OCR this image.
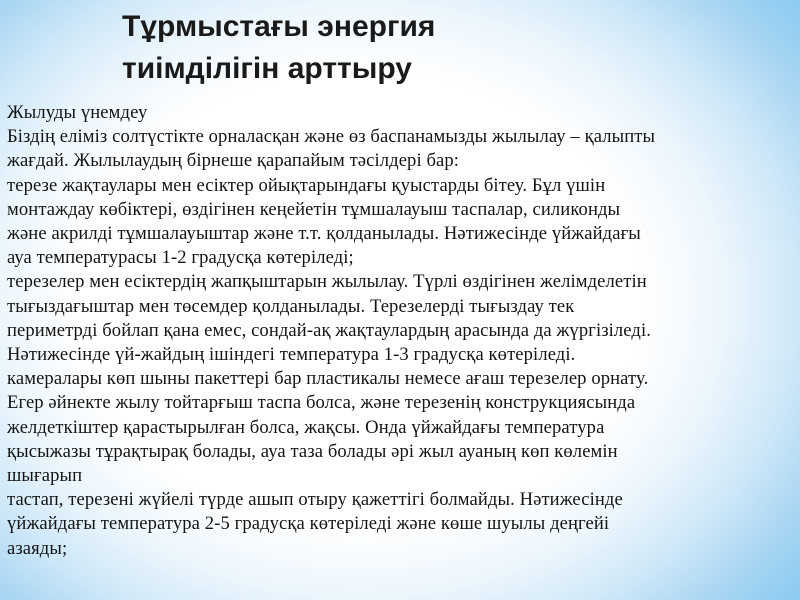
Тұрмыстағы энергия
тиімділігін арттыру
Жылуды үнемдеу
Біздің еліміз солтүстікте орналасқан және өз баспанамызды жылылау – қалыпты
жағдай. Жылылаудың бірнеше қарапайым тәсілдері бар:
терезе жақтаулары мен есіктер ойықтарындағы қуыстарды бітеу. Бұл үшін
монтаждау көбіктері, өздігінен кеңейетін тұмшалауыш таспалар, силиконды
және акрилді тұмшалауыштар және т.т. қолданылады. Нәтижесінде үйжайдағы
ауа температурасы 1-2 градусқа көтеріледі;
терезелер мен есіктердің жапқыштарын жылылау. Түрлі өздігінен желімделетін
тығыздағыштар мен төсемдер қолданылады. Терезелерді тығыздау тек
периметрді бойлап қана емес, сондай-ақ жақтаулардың арасында да жүргізіледі.
Нәтижесінде үй-жайдың ішіндегі температура 1-3 градусқа көтеріледі.
камералары көп шыны пакеттері бар пластикалы немесе ағаш терезелер орнату.
Егер әйнекте жылу тойтарғыш таспа болса, және терезенің конструкциясында
желдеткіштер қарастырылған болса, жақсы. Онда үйжайдағы температура
қысыжазы тұрақтырақ болады, ауа таза болады әрі жыл ауаның көп көлемін
шығарып
тастап, терезені жүйелі түрде ашып отыру қажеттігі болмайды. Нәтижесінде
үйжайдағы температура 2-5 градусқа көтеріледі және көше шуылы деңгейі
азаяды;
